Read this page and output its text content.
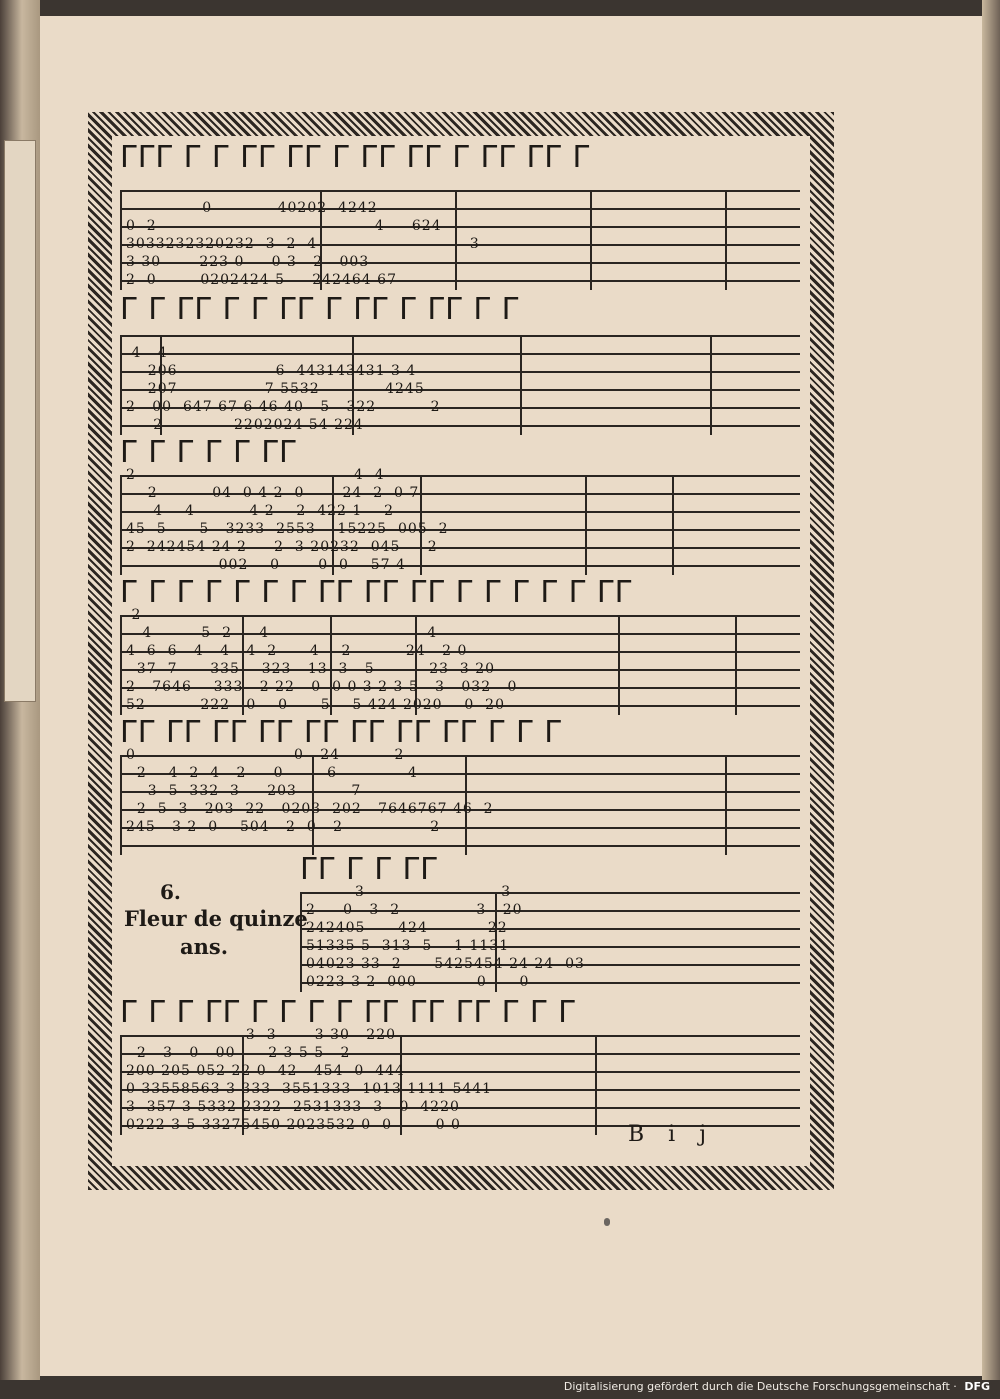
ᒥᒥᒥ ᒥ ᒥ ᒥᒥ ᒥᒥ ᒥ ᒥᒥ ᒥᒥ ᒥ ᒥᒥ ᒥᒥ ᒥ
0            40202  4242
0  2                                        4     624
3033232320232  3  2  4                            3
3 30       223 0     0 3   2   003
2  0        0202424 5     242464 67
ᒥ ᒥ ᒥᒥ ᒥ ᒥ ᒥᒥ ᒥ ᒥᒥ ᒥ ᒥᒥ ᒥ ᒥ
4   4
206                  6  443143431 3 4
207                7 5532            4245
2   00  647 67 6 46 40   5   322          2
2             2202024 54 224
ᒥ ᒥ ᒥ ᒥ ᒥ ᒥᒥ
2                                        4  4
2          04  0 4 2  0       24  2  0 7
4    4          4 2    2  422 1    2
45  5      5   3233  2553    15225  005  2
2  242454 24 2     2  3 20232  045     2
002    0       0  0    57 4
ᒥ ᒥ ᒥ ᒥ ᒥ ᒥ ᒥ ᒥᒥ ᒥᒥ ᒥᒥ ᒥ ᒥ ᒥ ᒥ ᒥ ᒥᒥ
2
4         5  2     4                             4
4  6  6   4   4   4  2      4    2          24   2 0
37  7      335    323   13  3   5          23  3 20
2   7646    333   2 22   0  0 0 3 2 3 5   3   032   0
52          222   0    0      5    5 424 2020    0  20
ᒥᒥ ᒥᒥ ᒥᒥ ᒥᒥ ᒥᒥ ᒥᒥ ᒥᒥ ᒥᒥ ᒥ ᒥ ᒥ
0                             0   24          2
2    4  2  4   2     0        6             4
3  5  332  3     203          7
2  5  3   203  22   0203  202   7646767 46  2
245   3 2  0    504   2  0   2                2
ᒥᒥ ᒥ ᒥ ᒥᒥ
3                         3
2     0   3  2              3   20
242405      424           22
51335 5  313  5    1 1131
04023 33  2      5425454 24 24  03
0223 3 2  000           0      0
ᒥ ᒥ ᒥ ᒥᒥ ᒥ ᒥ ᒥ ᒥ ᒥᒥ ᒥᒥ ᒥᒥ ᒥ ᒥ ᒥ
3  3       3 30   220
2   3   0   00      2 3 5 5   2
200 205 052 22 0  42   454  0  444
0 33558563 3 333  3551333  1013 1111 5441
3  357 3 5332 2322  2531333  3   0  4220
0222 3 5 33275450 2023532 0  0        0 0
6.
Fleur de quinze
ans.
Bij
Digitalisierung gefördert durch die Deutsche Forschungsgemeinschaft · DFG
